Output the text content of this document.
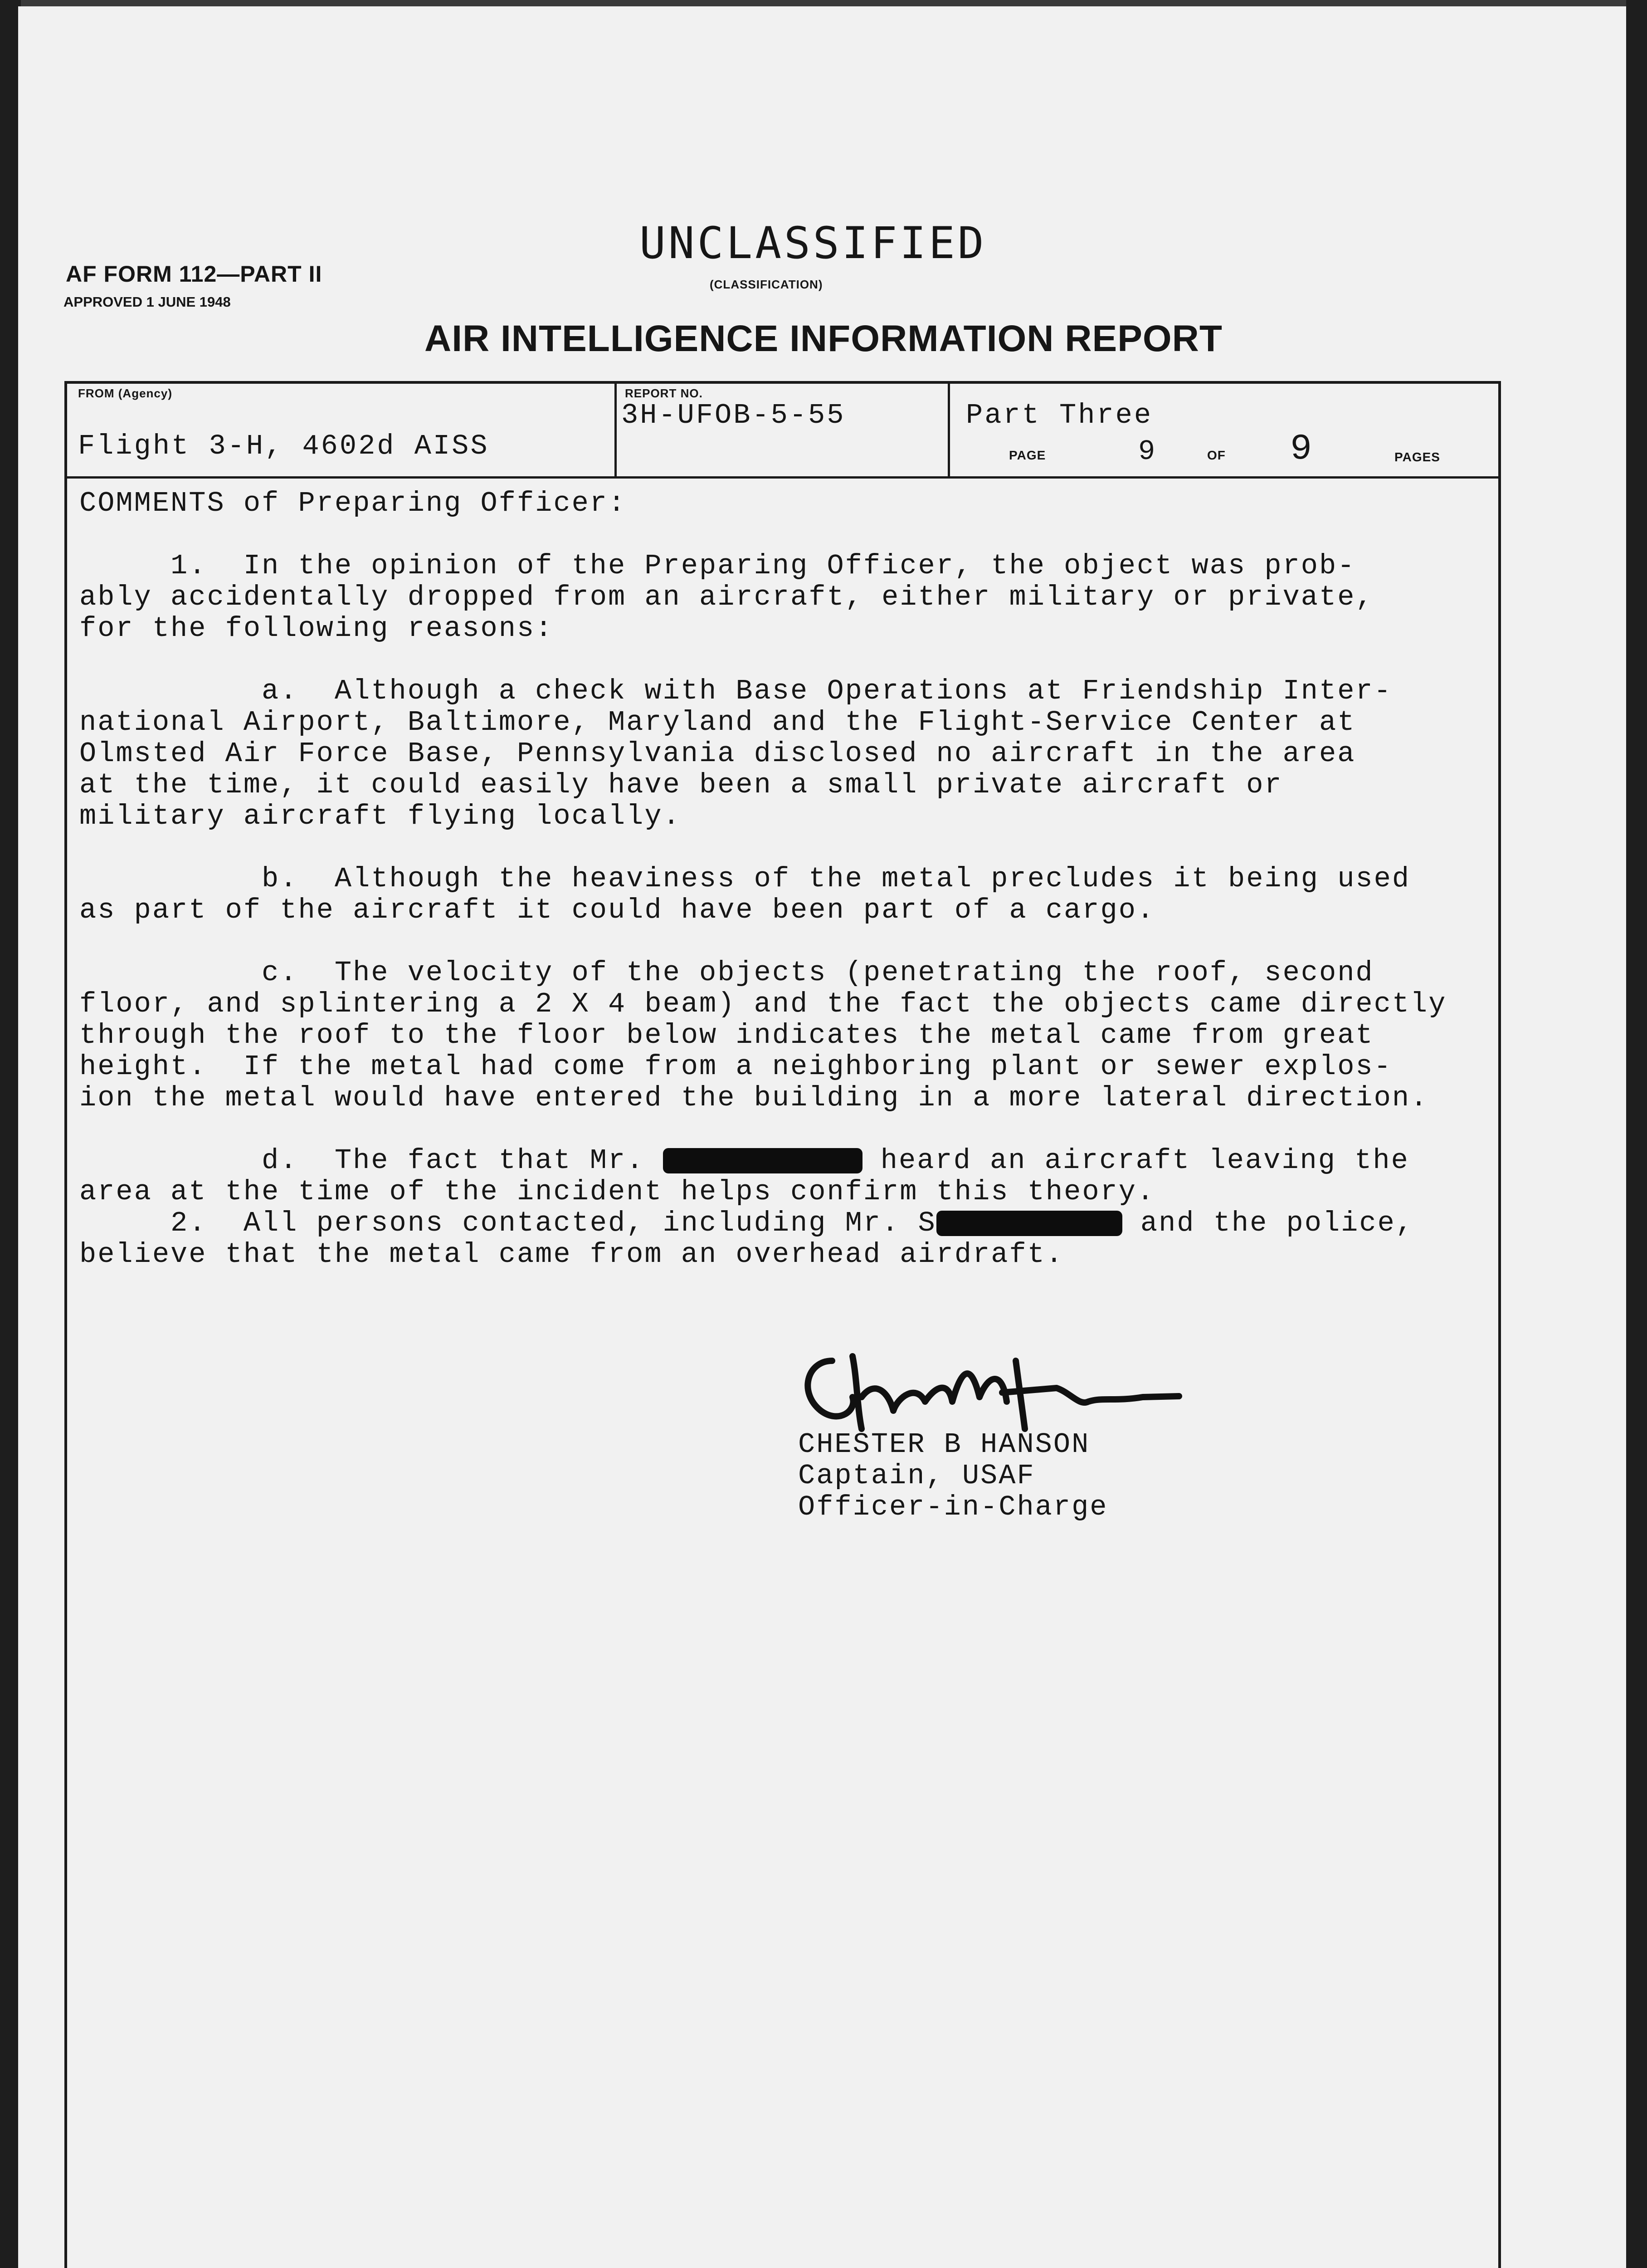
AF FORM 112—PART II
APPROVED 1 JUNE 1948
UNCLASSIFIED
(CLASSIFICATION)
AIR INTELLIGENCE INFORMATION REPORT
FROM (Agency)
Flight 3-H, 4602d AISS
REPORT NO.
3H-UFOB-5-55	Part Three
PAGE	9	OF 9	PAGES

COMMENTS of Preparing Officer:

1.  In the opinion of the Preparing Officer, the object was prob-

ably accidentally dropped from an aircraft, either military or private,

for the following reasons:

a.  Although a check with Base Operations at Friendship Inter-

national Airport, Baltimore, Maryland and the Flight-Service Center at

Olmsted Air Force Base, Pennsylvania disclosed no aircraft in the area

at the time, it could easily have been a small private aircraft or

military aircraft flying locally.

b.  Although the heaviness of the metal precludes it being used

as part of the aircraft it could have been part of a cargo.

c.  The velocity of the objects (penetrating the roof, second

floor, and splintering a 2 X 4 beam) and the fact the objects came directly

through the roof to the floor below indicates the metal came from great

height.  If the metal had come from a neighboring plant or sewer explos-

ion the metal would have entered the building in a more lateral direction.

d.  The fact that Mr.	heard an aircraft leaving the

area at the time of the incident helps confirm this theory.

2.  All persons contacted, including Mr. S	and the police,

believe that the metal came from an overhead airdraft.

CHESTER B HANSON
Captain, USAF
Officer-in-Charge
